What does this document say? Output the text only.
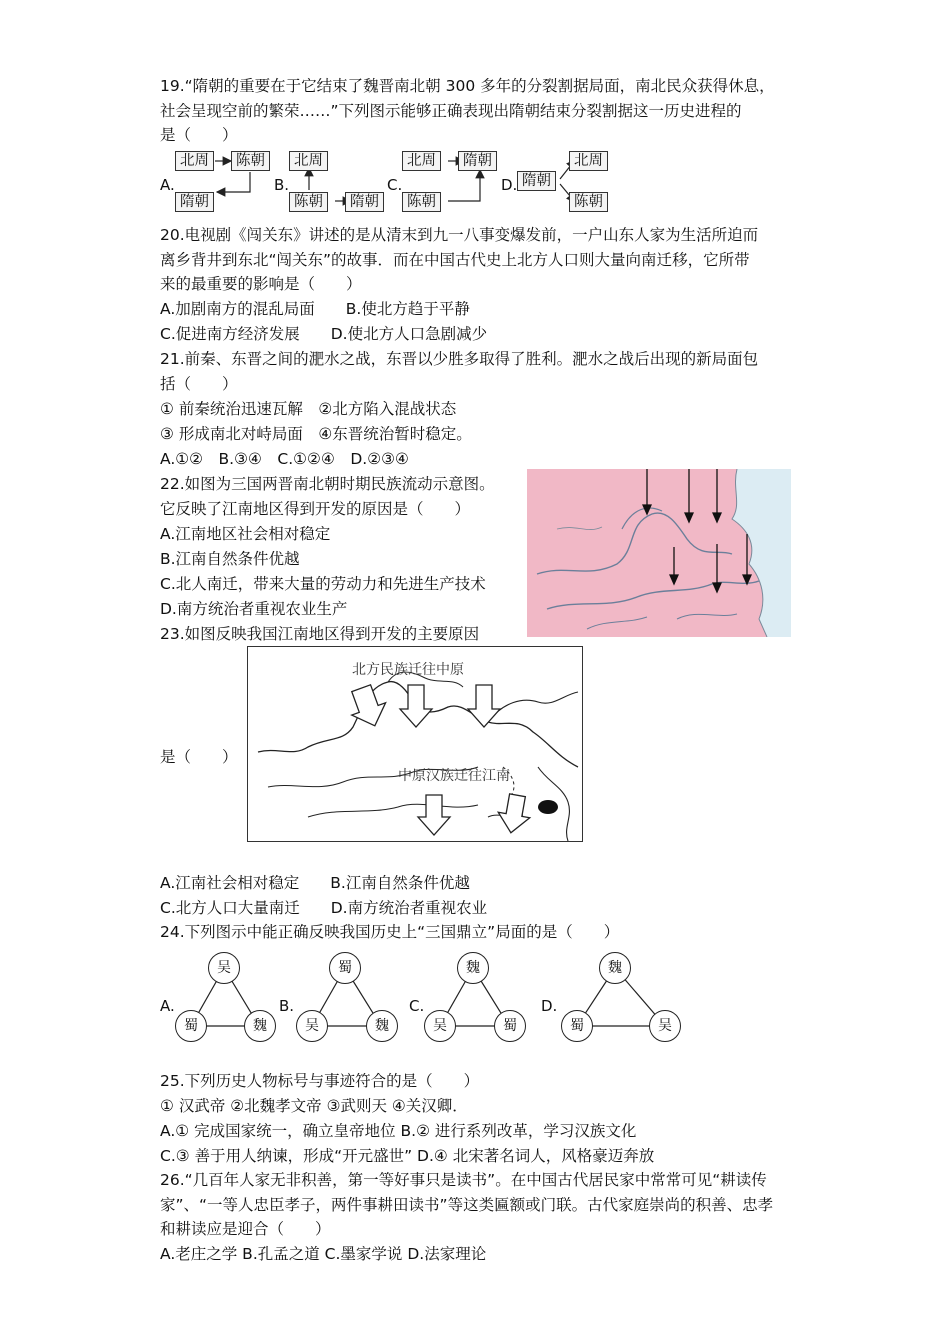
19.“隋朝的重要在于它结束了魏晋南北朝 300 多年的分裂割据局面，南北民众获得休息，
社会呈现空前的繁荣……”下列图示能够正确表现出隋朝结束分裂割据这一历史进程的
是（　　）
A.
北周	陈朝
隋朝
B.
北周
陈朝	隋朝
C.
北周	隋朝
陈朝
D. 隋朝
北周
陈朝
20.电视剧《闯关东》讲述的是从清末到九一八事变爆发前，一户山东人家为生活所迫而
离乡背井到东北“闯关东”的故事．而在中国古代史上北方人口则大量向南迁移，它所带
来的最重要的影响是（　　）
A.加剧南方的混乱局面　　B.使北方趋于平静
C.促进南方经济发展　　D.使北方人口急剧减少
21.前秦、东晋之间的淝水之战，东晋以少胜多取得了胜利。淝水之战后出现的新局面包
括（　　）
① 前秦统治迅速瓦解　②北方陷入混战状态
③ 形成南北对峙局面　④东晋统治暂时稳定。
A.①②　B.③④　C.①②④　D.②③④
22.如图为三国两晋南北朝时期民族流动示意图。
它反映了江南地区得到开发的原因是（　　）
A.江南地区社会相对稳定
B.江南自然条件优越
C.北人南迁，带来大量的劳动力和先进生产技术
D.南方统治者重视农业生产
23.如图反映我国江南地区得到开发的主要原因
是（　　）
北方民族迁往中原
中原汉族迁往江南
A.江南社会相对稳定　　B.江南自然条件优越
C.北方人口大量南迁　　D.南方统治者重视农业
24.下列图示中能正确反映我国历史上“三国鼎立”局面的是（　　）
A.
吴
蜀	魏
B.
蜀
吴	魏
C.
魏
吴	蜀
D.
魏
蜀	吴
25.下列历史人物标号与事迹符合的是（　　）
① 汉武帝 ②北魏孝文帝 ③武则天 ④关汉卿．
A.① 完成国家统一，确立皇帝地位 B.② 进行系列改革，学习汉族文化
C.③ 善于用人纳谏，形成“开元盛世” D.④ 北宋著名词人，风格豪迈奔放
26.“几百年人家无非积善，第一等好事只是读书”。在中国古代居民家中常常可见“耕读传
家”、“一等人忠臣孝子，两件事耕田读书”等这类匾额或门联。古代家庭崇尚的积善、忠孝
和耕读应是迎合（　　）
A.老庄之学 B.孔孟之道 C.墨家学说 D.法家理论
